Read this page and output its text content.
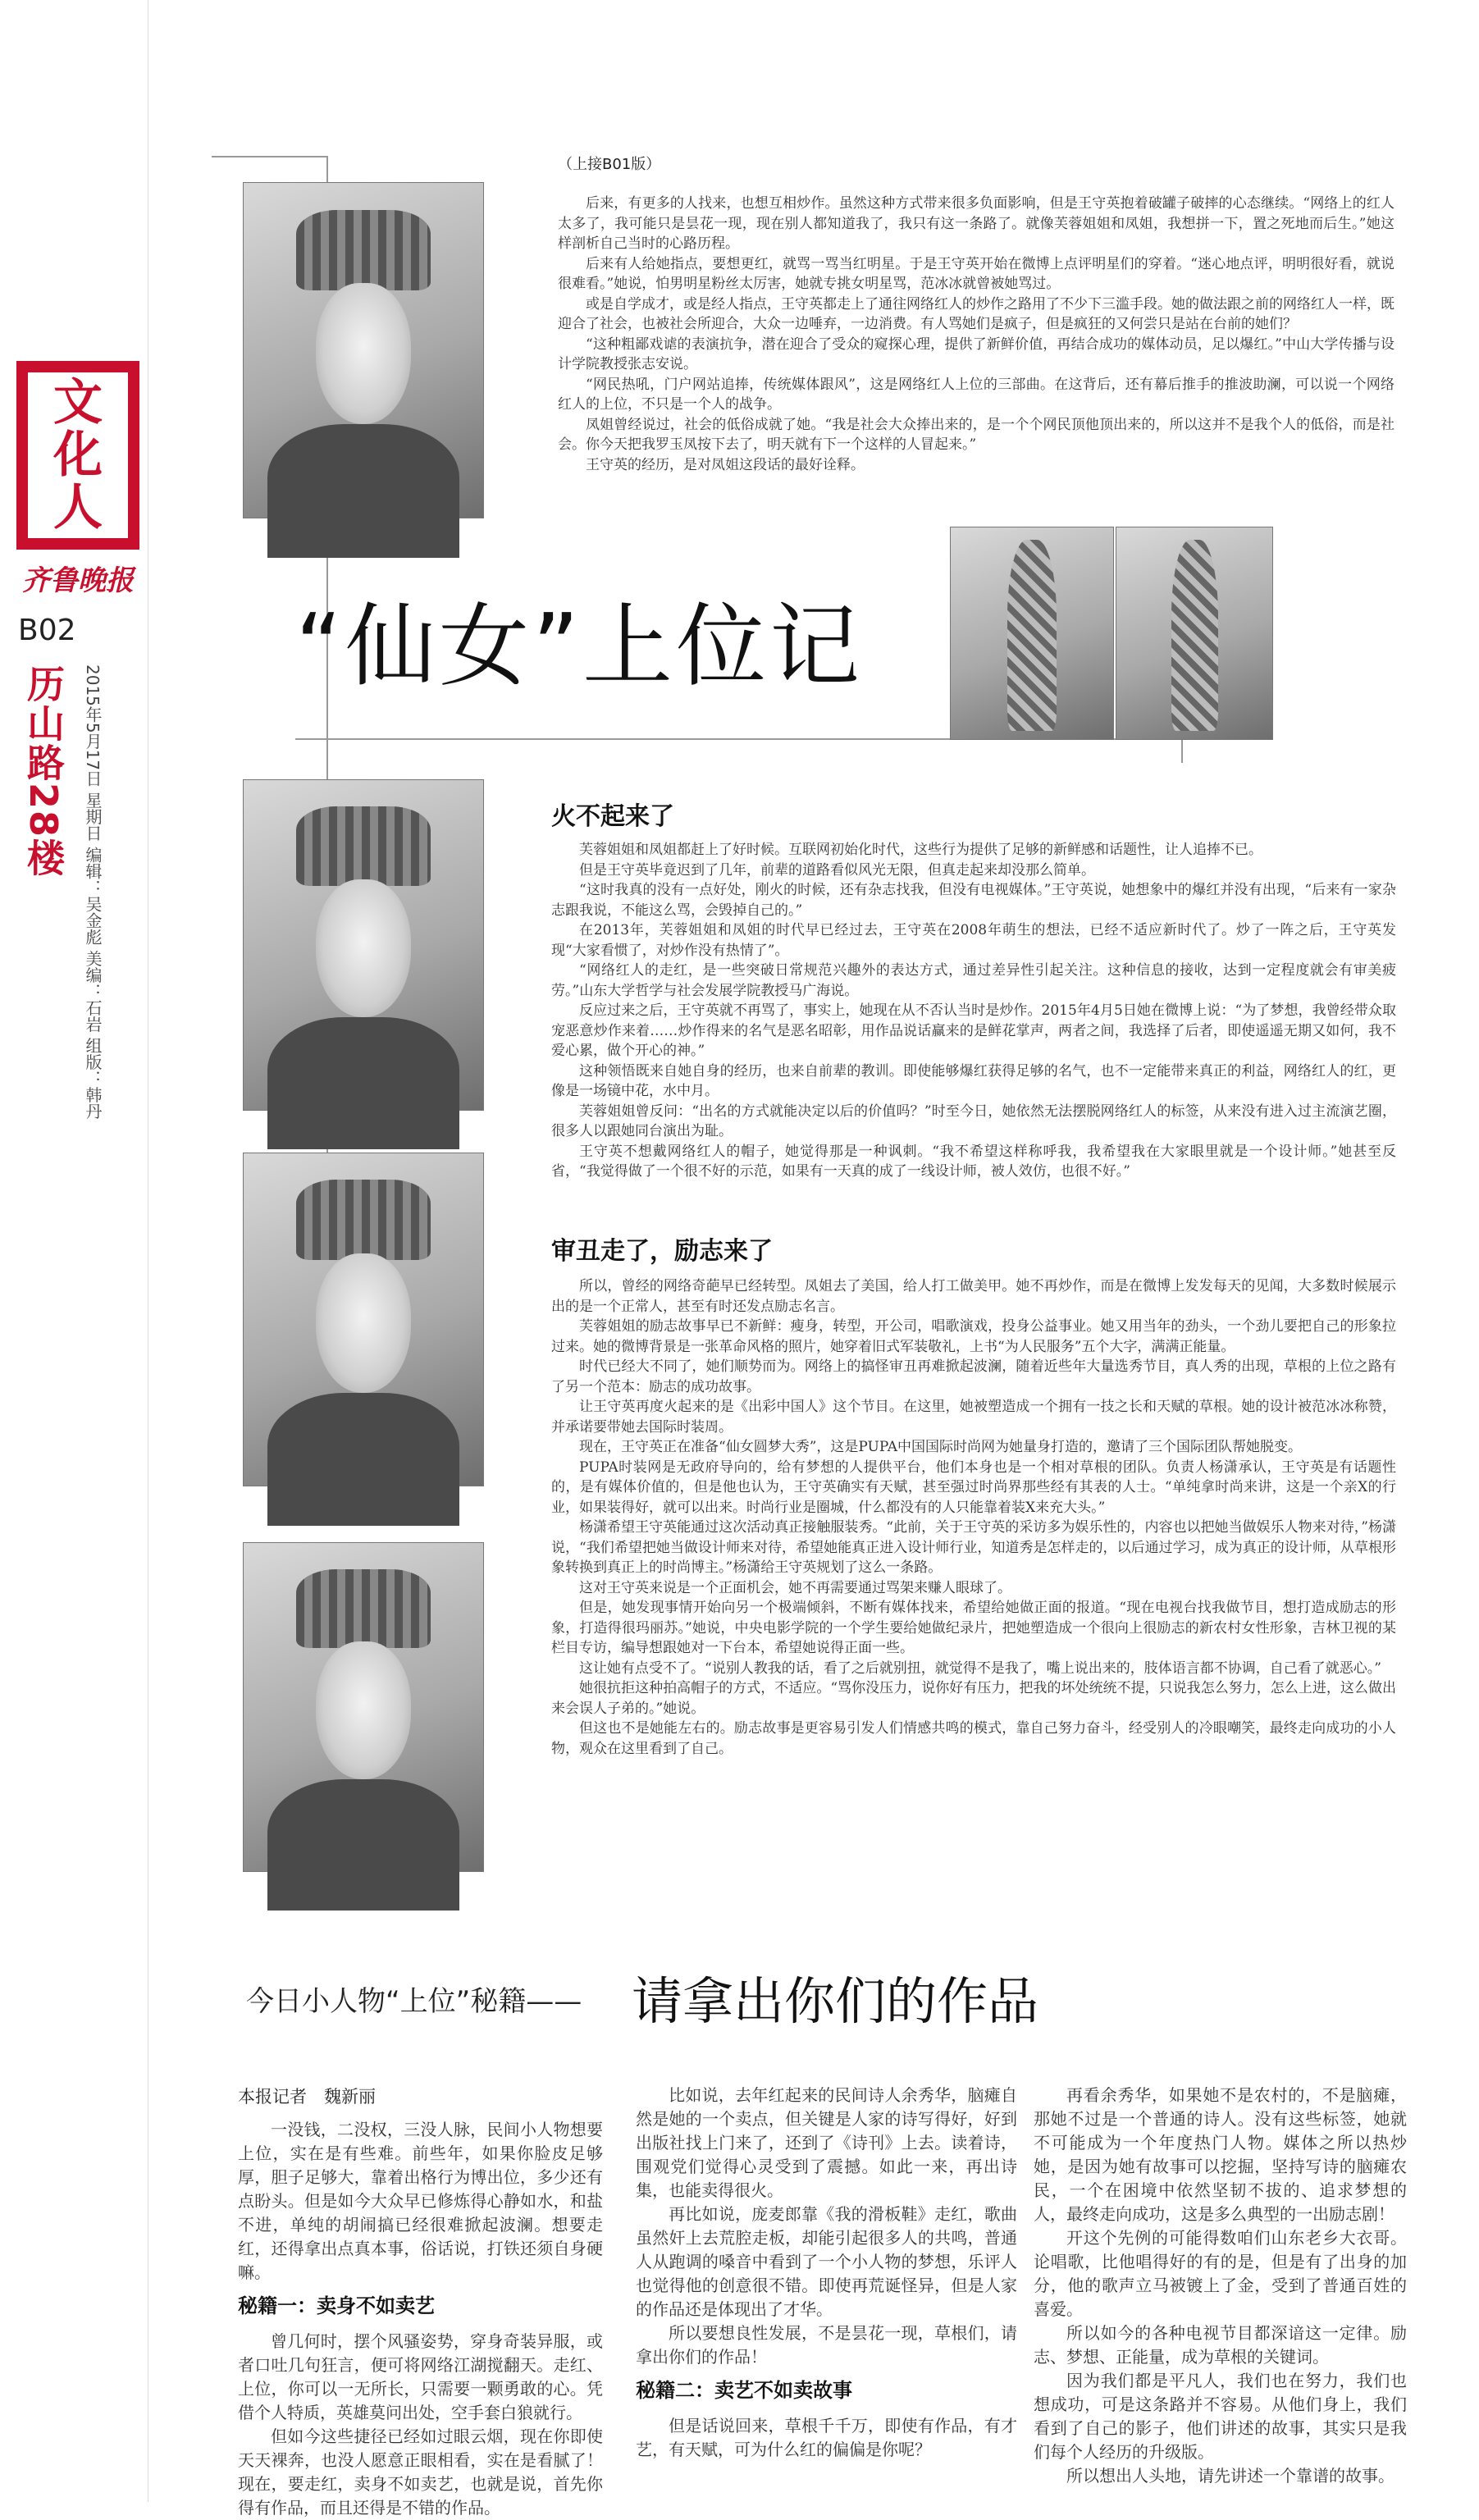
文
化
人
齐鲁晚报
B02
历山路28楼	2015年5月17日 星期日 编辑：吴金彪 美编：石岩 组版：韩丹
（上接B01版）

后来，有更多的人找来，也想互相炒作。虽然这种方式带来很多负面影响，但是王守英抱着破罐子破摔的心态继续。“网络上的红人太多了，我可能只是昙花一现，现在别人都知道我了，我只有这一条路了。就像芙蓉姐姐和凤姐，我想拼一下，置之死地而后生。”她这样剖析自己当时的心路历程。

后来有人给她指点，要想更红，就骂一骂当红明星。于是王守英开始在微博上点评明星们的穿着。“迷心地点评，明明很好看，就说很难看。”她说，怕男明星粉丝太厉害，她就专挑女明星骂，范冰冰就曾被她骂过。

或是自学成才，或是经人指点，王守英都走上了通往网络红人的炒作之路用了不少下三滥手段。她的做法跟之前的网络红人一样，既迎合了社会，也被社会所迎合，大众一边唾弃，一边消费。有人骂她们是疯子，但是疯狂的又何尝只是站在台前的她们？

“这种粗鄙戏谑的表演抗争，潜在迎合了受众的窥探心理，提供了新鲜价值，再结合成功的媒体动员，足以爆红。”中山大学传播与设计学院教授张志安说。

“网民热吼，门户网站追捧，传统媒体跟风”，这是网络红人上位的三部曲。在这背后，还有幕后推手的推波助澜，可以说一个网络红人的上位，不只是一个人的战争。

凤姐曾经说过，社会的低俗成就了她。“我是社会大众捧出来的，是一个个网民顶他顶出来的，所以这并不是我个人的低俗，而是社会。你今天把我罗玉凤按下去了，明天就有下一个这样的人冒起来。”

王守英的经历，是对凤姐这段话的最好诠释。

“仙女”上位记
火不起来了

芙蓉姐姐和凤姐都赶上了好时候。互联网初始化时代，这些行为提供了足够的新鲜感和话题性，让人追捧不已。

但是王守英毕竟迟到了几年，前辈的道路看似风光无限，但真走起来却没那么简单。

“这时我真的没有一点好处，刚火的时候，还有杂志找我，但没有电视媒体。”王守英说，她想象中的爆红并没有出现，“后来有一家杂志跟我说，不能这么骂，会毁掉自己的。”

在2013年，芙蓉姐姐和凤姐的时代早已经过去，王守英在2008年萌生的想法，已经不适应新时代了。炒了一阵之后，王守英发现“大家看惯了，对炒作没有热情了”。

“网络红人的走红，是一些突破日常规范兴趣外的表达方式，通过差异性引起关注。这种信息的接收，达到一定程度就会有审美疲劳。”山东大学哲学与社会发展学院教授马广海说。

反应过来之后，王守英就不再骂了，事实上，她现在从不否认当时是炒作。2015年4月5日她在微博上说：“为了梦想，我曾经带众取宠恶意炒作来着……炒作得来的名气是恶名昭彰，用作品说话赢来的是鲜花掌声，两者之间，我选择了后者，即使遥遥无期又如何，我不爱心累，做个开心的神。”

这种领悟既来自她自身的经历，也来自前辈的教训。即使能够爆红获得足够的名气，也不一定能带来真正的利益，网络红人的红，更像是一场镜中花，水中月。

芙蓉姐姐曾反问：“出名的方式就能决定以后的价值吗？”时至今日，她依然无法摆脱网络红人的标签，从来没有进入过主流演艺圈，很多人以跟她同台演出为耻。

王守英不想戴网络红人的帽子，她觉得那是一种讽刺。“我不希望这样称呼我，我希望我在大家眼里就是一个设计师。”她甚至反省，“我觉得做了一个很不好的示范，如果有一天真的成了一线设计师，被人效仿，也很不好。”

审丑走了，励志来了

所以，曾经的网络奇葩早已经转型。凤姐去了美国，给人打工做美甲。她不再炒作，而是在微博上发发每天的见闻，大多数时候展示出的是一个正常人，甚至有时还发点励志名言。

芙蓉姐姐的励志故事早已不新鲜：瘦身，转型，开公司，唱歌演戏，投身公益事业。她又用当年的劲头，一个劲儿要把自己的形象拉过来。她的微博背景是一张革命风格的照片，她穿着旧式军装敬礼，上书“为人民服务”五个大字，满满正能量。

时代已经大不同了，她们顺势而为。网络上的搞怪审丑再难掀起波澜，随着近些年大量选秀节目，真人秀的出现，草根的上位之路有了另一个范本：励志的成功故事。

让王守英再度火起来的是《出彩中国人》这个节目。在这里，她被塑造成一个拥有一技之长和天赋的草根。她的设计被范冰冰称赞，并承诺要带她去国际时装周。

现在，王守英正在准备“仙女圆梦大秀”，这是PUPA中国国际时尚网为她量身打造的，邀请了三个国际团队帮她脱变。

PUPA时装网是无政府导向的，给有梦想的人提供平台，他们本身也是一个相对草根的团队。负责人杨潇承认，王守英是有话题性的，是有媒体价值的，但是他也认为，王守英确实有天赋，甚至强过时尚界那些经有其表的人士。“单纯拿时尚来讲，这是一个亲X的行业，如果装得好，就可以出来。时尚行业是圈城，什么都没有的人只能靠着装X来充大头。”

杨潇希望王守英能通过这次活动真正接触服装秀。“此前，关于王守英的采访多为娱乐性的，内容也以把她当做娱乐人物来对待，”杨潇说，“我们希望把她当做设计师来对待，希望她能真正进入设计师行业，知道秀是怎样走的，以后通过学习，成为真正的设计师，从草根形象转换到真正上的时尚博主。”杨潇给王守英规划了这么一条路。

这对王守英来说是一个正面机会，她不再需要通过骂架来赚人眼球了。

但是，她发现事情开始向另一个极端倾斜，不断有媒体找来，希望给她做正面的报道。“现在电视台找我做节目，想打造成励志的形象，打造得很玛丽苏。”她说，中央电影学院的一个学生要给她做纪录片，把她塑造成一个很向上很励志的新农村女性形象，吉林卫视的某栏目专访，编导想跟她对一下台本，希望她说得正面一些。

这让她有点受不了。“说别人教我的话，看了之后就别扭，就觉得不是我了，嘴上说出来的，肢体语言都不协调，自己看了就恶心。”

她很抗拒这种拍高帽子的方式，不适应。“骂你没压力，说你好有压力，把我的坏处统统不提，只说我怎么努力，怎么上进，这么做出来会误人子弟的。”她说。

但这也不是她能左右的。励志故事是更容易引发人们情感共鸣的模式，靠自己努力奋斗，经受别人的冷眼嘲笑，最终走向成功的小人物，观众在这里看到了自己。

今日小人物“上位”秘籍—— 请拿出你们的作品
本报记者　魏新丽

一没钱，二没权，三没人脉，民间小人物想要上位，实在是有些难。前些年，如果你脸皮足够厚，胆子足够大，靠着出格行为博出位，多少还有点盼头。但是如今大众早已修炼得心静如水，和盐不进，单纯的胡闹搞已经很难掀起波澜。想要走红，还得拿出点真本事，俗话说，打铁还须自身硬嘛。

秘籍一：卖身不如卖艺

曾几何时，摆个风骚姿势，穿身奇装异服，或者口吐几句狂言，便可将网络江湖搅翻天。走红、上位，你可以一无所长，只需要一颗勇敢的心。凭借个人特质，英雄莫问出处，空手套白狼就行。

但如今这些捷径已经如过眼云烟，现在你即使天天裸奔，也没人愿意正眼相看，实在是看腻了！现在，要走红，卖身不如卖艺，也就是说，首先你得有作品，而且还得是不错的作品。

比如说，去年红起来的民间诗人余秀华，脑瘫自然是她的一个卖点，但关键是人家的诗写得好，好到出版社找上门来了，还到了《诗刊》上去。读着诗，围观党们觉得心灵受到了震撼。如此一来，再出诗集，也能卖得很火。

再比如说，庞麦郎靠《我的滑板鞋》走红，歌曲虽然奸上去荒腔走板，却能引起很多人的共鸣，普通人从跑调的嗓音中看到了一个小人物的梦想，乐评人也觉得他的创意很不错。即使再荒诞怪异，但是人家的作品还是体现出了才华。

所以要想良性发展，不是昙花一现，草根们，请拿出你们的作品！

秘籍二：卖艺不如卖故事

但是话说回来，草根千千万，即使有作品，有才艺，有天赋，可为什么红的偏偏是你呢？

再看余秀华，如果她不是农村的，不是脑瘫，那她不过是一个普通的诗人。没有这些标签，她就不可能成为一个年度热门人物。媒体之所以热炒她，是因为她有故事可以挖掘，坚持写诗的脑瘫农民，一个在困境中依然坚韧不拔的、追求梦想的人，最终走向成功，这是多么典型的一出励志剧！

开这个先例的可能得数咱们山东老乡大衣哥。论唱歌，比他唱得好的有的是，但是有了出身的加分，他的歌声立马被镀上了金，受到了普通百姓的喜爱。

所以如今的各种电视节目都深谙这一定律。励志、梦想、正能量，成为草根的关键词。

因为我们都是平凡人，我们也在努力，我们也想成功，可是这条路并不容易。从他们身上，我们看到了自己的影子，他们讲述的故事，其实只是我们每个人经历的升级版。

所以想出人头地，请先讲述一个靠谱的故事。
